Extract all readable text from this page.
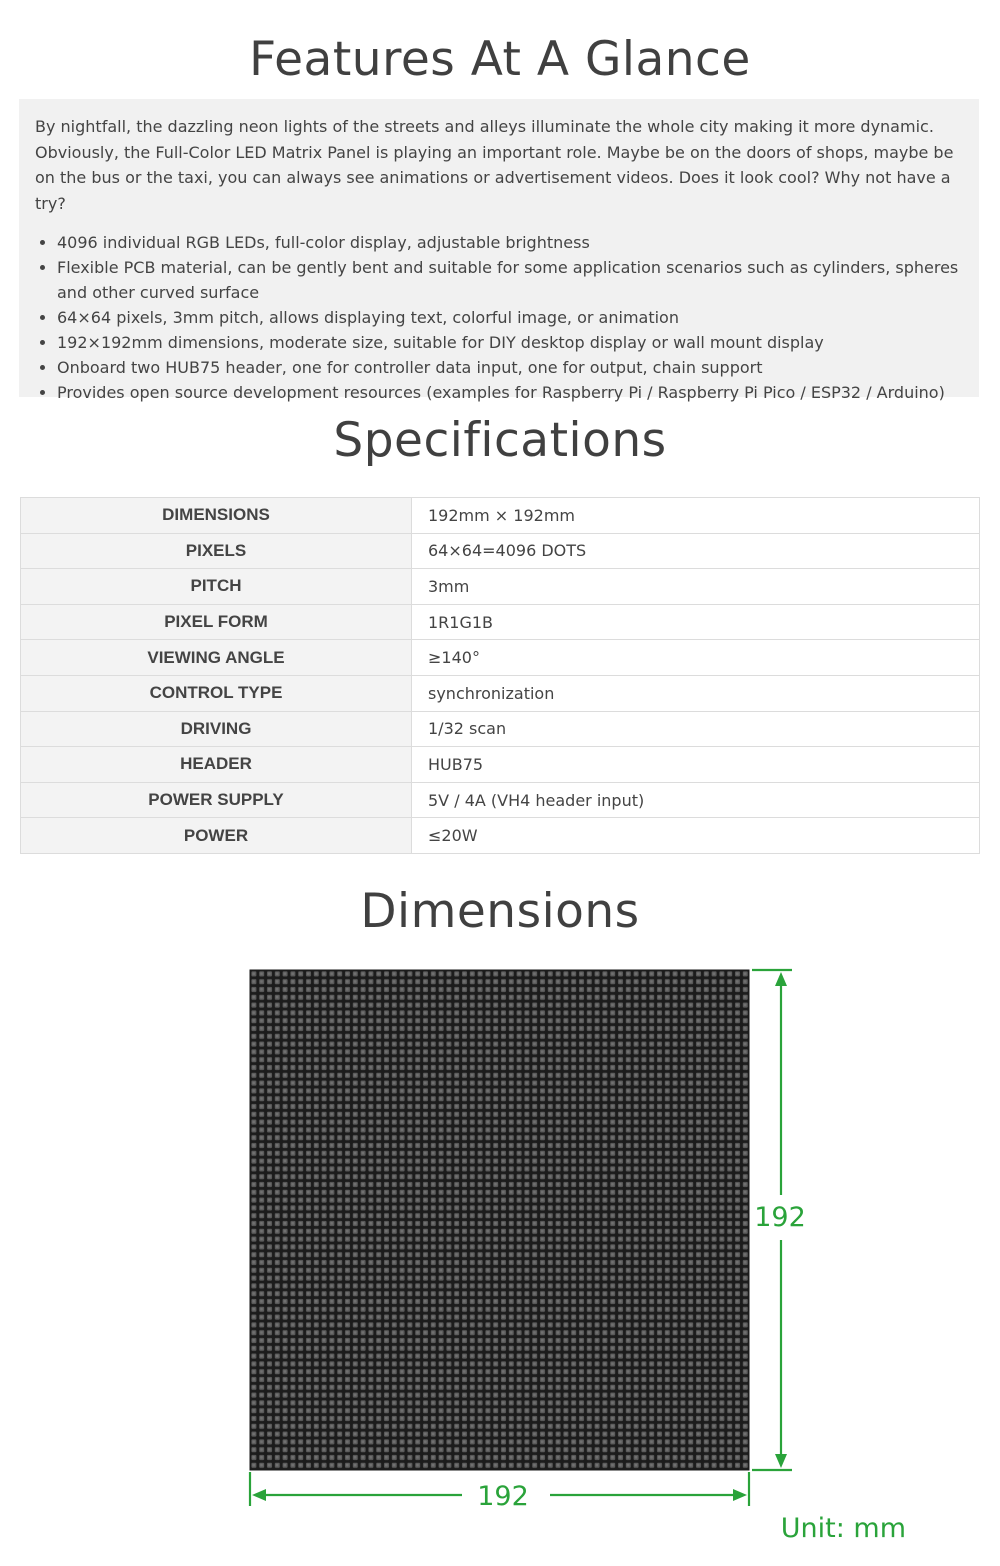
Features At A Glance

By nightfall, the dazzling neon lights of the streets and alleys illuminate the whole city making it more dynamic. Obviously, the Full-Color LED Matrix Panel is playing an important role. Maybe be on the doors of shops, maybe be on the bus or the taxi, you can always see animations or advertisement videos. Does it look cool? Why not have a try?

• 4096 individual RGB LEDs, full-color display, adjustable brightness
• Flexible PCB material, can be gently bent and suitable for some application scenarios such as cylinders, spheres and other curved surface
• 64×64 pixels, 3mm pitch, allows displaying text, colorful image, or animation
• 192×192mm dimensions, moderate size, suitable for DIY desktop display or wall mount display
• Onboard two HUB75 header, one for controller data input, one for output, chain support
• Provides open source development resources (examples for Raspberry Pi / Raspberry Pi Pico / ESP32 / Arduino)
Specifications
DIMENSIONS	192mm × 192mm
PIXELS	64×64=4096 DOTS
PITCH	3mm
PIXEL FORM	1R1G1B
VIEWING ANGLE	≥140°
CONTROL TYPE	synchronization
DRIVING	1/32 scan
HEADER	HUB75
POWER SUPPLY	5V / 4A (VH4 header input)
POWER	≤20W
Dimensions
192
192
Unit: mm
